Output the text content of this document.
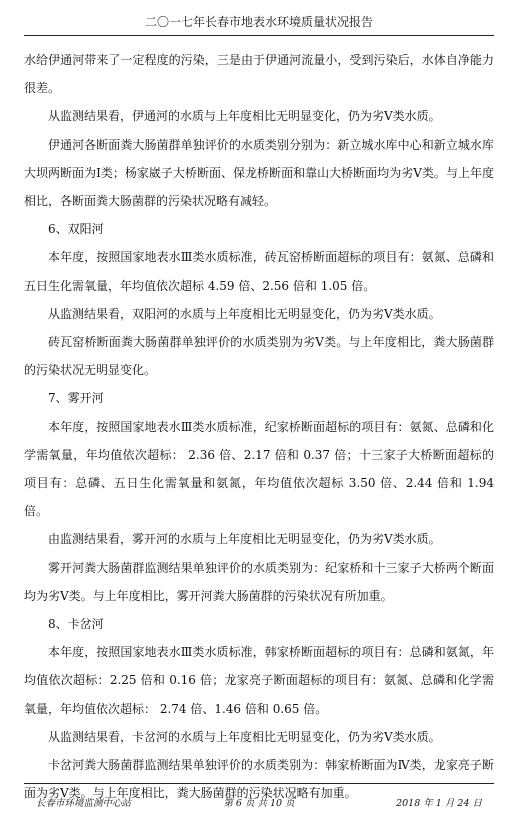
二〇一七年长春市地表水环境质量状况报告

水给伊通河带来了一定程度的污染，三是由于伊通河流量小，受到污染后，水体自净能力很差。

从监测结果看，伊通河的水质与上年度相比无明显变化，仍为劣Ⅴ类水质。

伊通河各断面粪大肠菌群单独评价的水质类别分别为：新立城水库中心和新立城水库大坝两断面为Ⅰ类；杨家崴子大桥断面、保龙桥断面和靠山大桥断面均为劣Ⅴ类。与上年度相比，各断面粪大肠菌群的污染状况略有减轻。

6、双阳河

本年度，按照国家地表水Ⅲ类水质标准，砖瓦窑桥断面超标的项目有：氨氮、总磷和五日生化需氧量，年均值依次超标 4.59 倍、2.56 倍和 1.05 倍。

从监测结果看，双阳河的水质与上年度相比无明显变化，仍为劣Ⅴ类水质。

砖瓦窑桥断面粪大肠菌群单独评价的水质类别为劣Ⅴ类。与上年度相比，粪大肠菌群的污染状况无明显变化。

7、雾开河

本年度，按照国家地表水Ⅲ类水质标准，纪家桥断面超标的项目有：氨氮、总磷和化学需氧量，年均值依次超标： 2.36 倍、2.17 倍和 0.37 倍；十三家子大桥断面超标的项目有：总磷、五日生化需氧量和氨氮，年均值依次超标 3.50 倍、2.44 倍和 1.94 倍。

由监测结果看，雾开河的水质与上年度相比无明显变化，仍为劣Ⅴ类水质。

雾开河粪大肠菌群监测结果单独评价的水质类别为：纪家桥和十三家子大桥两个断面均为劣Ⅴ类。与上年度相比，雾开河粪大肠菌群的污染状况有所加重。

8、卡岔河

本年度，按照国家地表水Ⅲ类水质标准，韩家桥断面超标的项目有：总磷和氨氮，年均值依次超标：2.25 倍和 0.16 倍；龙家亮子断面超标的项目有：氨氮、总磷和化学需氧量，年均值依次超标： 2.74 倍、1.46 倍和 0.65 倍。

从监测结果看，卡岔河的水质与上年度相比无明显变化，仍为劣Ⅴ类水质。

卡岔河粪大肠菌群监测结果单独评价的水质类别为：韩家桥断面为Ⅳ类，龙家亮子断面为劣Ⅴ类。与上年度相比，粪大肠菌群的污染状况略有加重。

长春市环境监测中心站	第 6 页 共 10 页	2018 年 1 月 24 日
